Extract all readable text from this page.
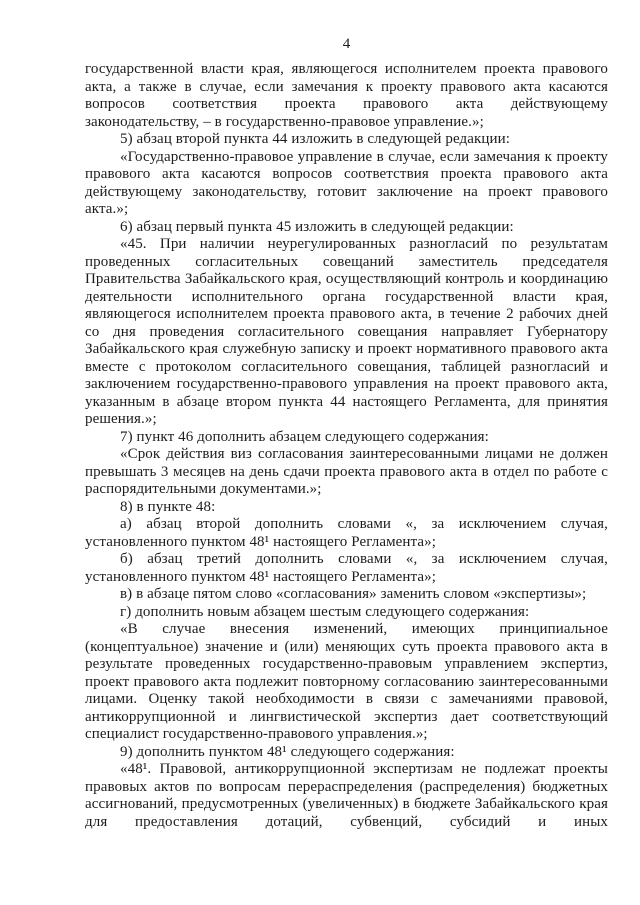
4

государственной власти края, являющегося исполнителем проекта правового акта, а также в случае, если замечания к проекту правового акта касаются вопросов соответствия проекта правового акта действующему законодательству, – в государственно-правовое управление.»;

5) абзац второй пункта 44 изложить в следующей редакции:

«Государственно-правовое управление в случае, если замечания к проекту правового акта касаются вопросов соответствия проекта правового акта действующему законодательству, готовит заключение на проект правового акта.»;

6) абзац первый пункта 45 изложить в следующей редакции:

«45. При наличии неурегулированных разногласий по результатам проведенных согласительных совещаний заместитель председателя Правительства Забайкальского края, осуществляющий контроль и координацию деятельности исполнительного органа государственной власти края, являющегося исполнителем проекта правового акта, в течение 2 рабочих дней со дня проведения согласительного совещания направляет Губернатору Забайкальского края служебную записку и проект нормативного правового акта вместе с протоколом согласительного совещания, таблицей разногласий и заключением государственно-правового управления на проект правового акта, указанным в абзаце втором пункта 44 настоящего Регламента, для принятия решения.»;

7) пункт 46 дополнить абзацем следующего содержания:

«Срок действия виз согласования заинтересованными лицами не должен превышать 3 месяцев на день сдачи проекта правового акта в отдел по работе с распорядительными документами.»;

8) в пункте 48:

а) абзац второй дополнить словами «, за исключением случая, установленного пунктом 48¹ настоящего Регламента»;

б) абзац третий дополнить словами «, за исключением случая, установленного пунктом 48¹ настоящего Регламента»;

в) в абзаце пятом слово «согласования» заменить словом «экспертизы»;

г) дополнить новым абзацем шестым следующего содержания:

«В случае внесения изменений, имеющих принципиальное (концептуальное) значение и (или) меняющих суть проекта правового акта в результате проведенных государственно-правовым управлением экспертиз, проект правового акта подлежит повторному согласованию заинтересованными лицами. Оценку такой необходимости в связи с замечаниями правовой, антикоррупционной и лингвистической экспертиз дает соответствующий специалист государственно-правового управления.»;

9) дополнить пунктом 48¹ следующего содержания:

«48¹. Правовой, антикоррупционной экспертизам не подлежат проекты правовых актов по вопросам перераспределения (распределения) бюджетных ассигнований, предусмотренных (увеличенных) в бюджете Забайкальского края для предоставления дотаций, субвенций, субсидий и иных
